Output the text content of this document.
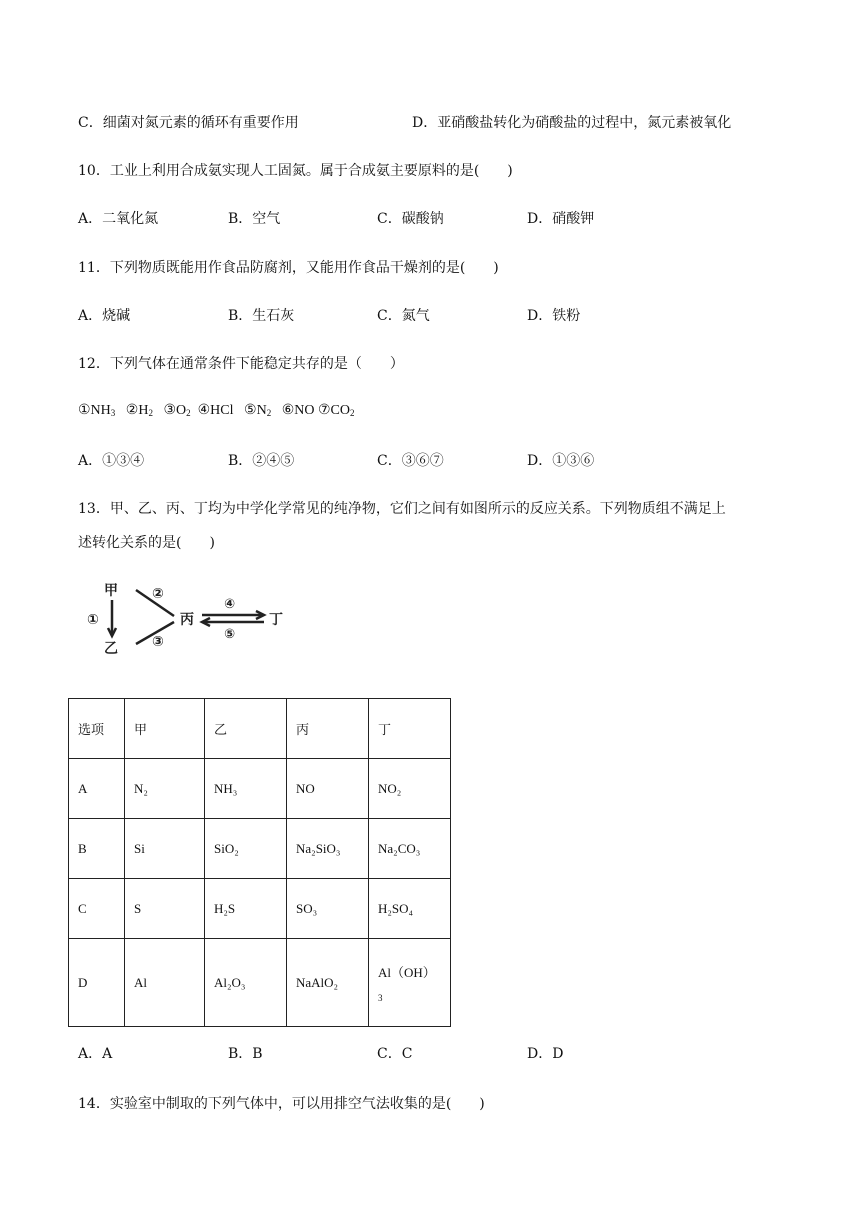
C．细菌对氮元素的循环有重要作用	D．亚硝酸盐转化为硝酸盐的过程中，氮元素被氧化
10．工业上利用合成氨实现人工固氮。属于合成氨主要原料的是(　　)
A．二氧化氮	B．空气	C．碳酸钠	D．硝酸钾
11．下列物质既能用作食品防腐剂，又能用作食品干燥剂的是(　　)
A．烧碱	B．生石灰	C．氮气	D．铁粉
12．下列气体在通常条件下能稳定共存的是（　　）
$①NH_3$ $②H_2$ $③O_2$ ④HCl $⑤N_2$ ⑥NO $⑦CO_2$
A．①③④	B．②④⑤	C．③⑥⑦	D．①③⑥
13．甲、乙、丙、丁均为中学化学常见的纯净物，它们之间有如图所示的反应关系。下列物质组不满足上
述转化关系的是(　　)
甲
乙
丙	丁
①
②
③
④
⑤
选项	甲	乙	丙	丁
A	N₂	NH₃	NO	NO₂
B	Si	SiO₂	Na₂SiO₃	Na₂CO₃
C	S	H₂S	SO₃	H₂SO₄
D	Al	Al₂O₃	NaAlO₂	Al（OH）
3
A．A	B．B	C．C	D．D
14．实验室中制取的下列气体中，可以用排空气法收集的是(　　)
